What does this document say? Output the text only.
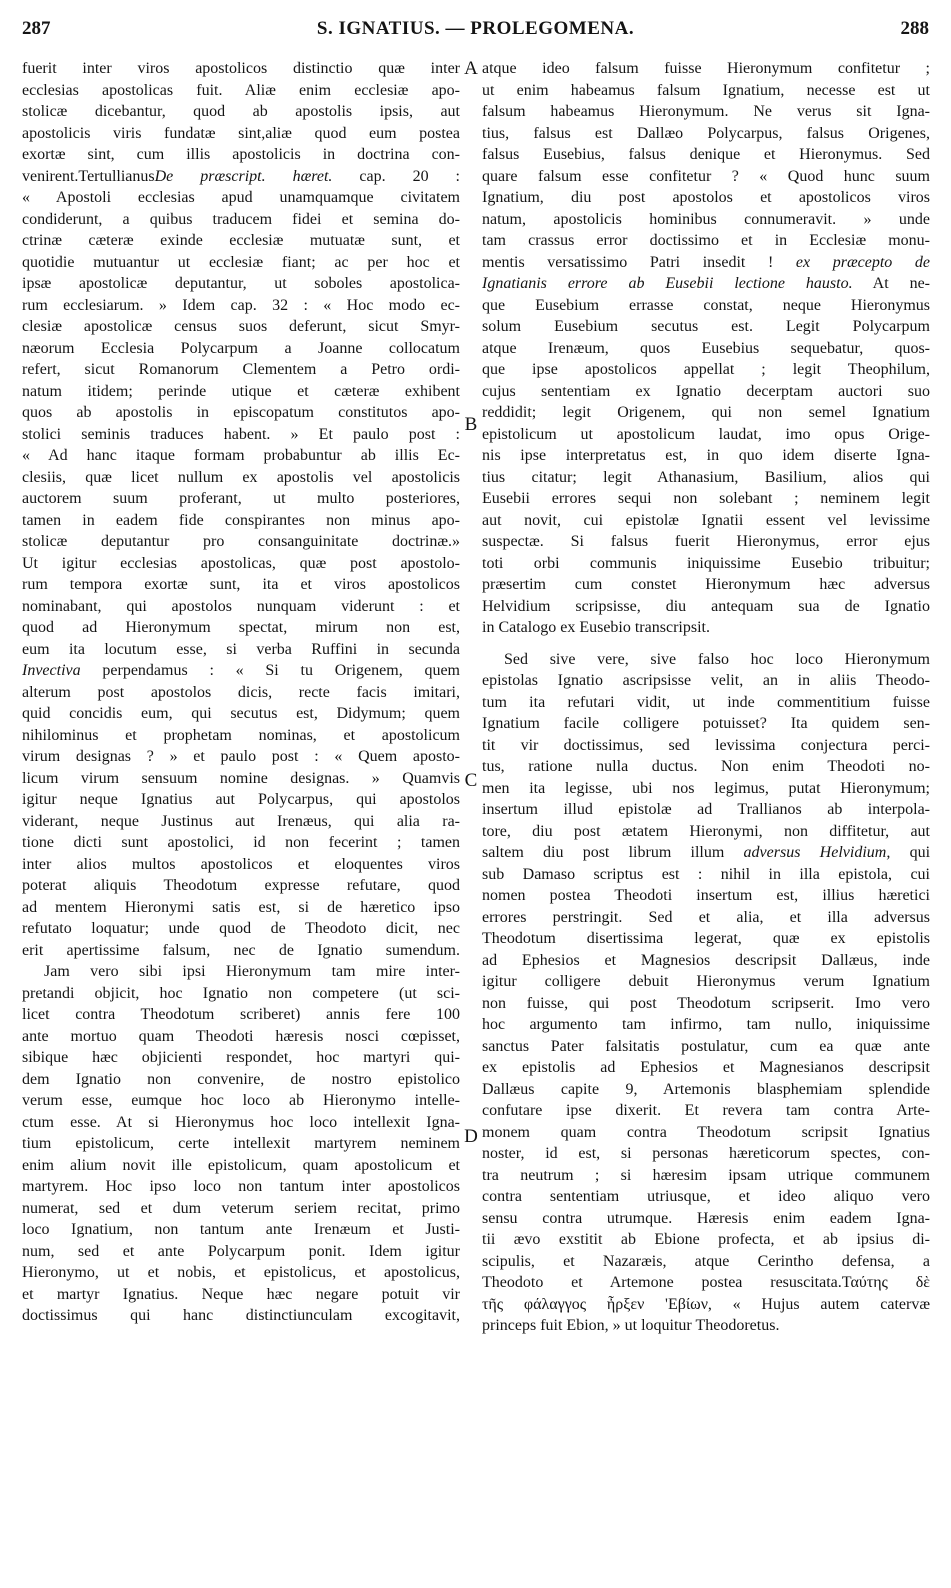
287	S. IGNATIUS. — PROLEGOMENA.	288
fuerit inter viros apostolicos distinctio quæ inter
ecclesias apostolicas fuit. Aliæ enim ecclesiæ apo-
stolicæ dicebantur, quod ab apostolis ipsis, aut
apostolicis viris fundatæ sint,aliæ quod eum postea
exortæ sint, cum illis apostolicis in doctrina con-
venirent.TertullianusDe præscript. hæret. cap. 20 :
« Apostoli ecclesias apud unamquamque civitatem
condiderunt, a quibus traducem fidei et semina do-
ctrinæ cæteræ exinde ecclesiæ mutuatæ sunt, et
quotidie mutuantur ut ecclesiæ fiant; ac per hoc et
ipsæ apostolicæ deputantur, ut soboles apostolica-
rum ecclesiarum. » Idem cap. 32 : « Hoc modo ec-
clesiæ apostolicæ census suos deferunt, sicut Smyr-
næorum Ecclesia Polycarpum a Joanne collocatum
refert, sicut Romanorum Clementem a Petro ordi-
natum itidem; perinde utique et cæteræ exhibent
quos ab apostolis in episcopatum constitutos apo-
stolici seminis traduces habent. » Et paulo post :
« Ad hanc itaque formam probabuntur ab illis Ec-
clesiis, quæ licet nullum ex apostolis vel apostolicis
auctorem suum proferant, ut multo posteriores,
tamen in eadem fide conspirantes non minus apo-
stolicæ deputantur pro consanguinitate doctrinæ.»
Ut igitur ecclesias apostolicas, quæ post apostolo-
rum tempora exortæ sunt, ita et viros apostolicos
nominabant, qui apostolos nunquam viderunt : et
quod ad Hieronymum spectat, mirum non est,
eum ita locutum esse, si verba Ruffini in secunda
Invectiva perpendamus : « Si tu Origenem, quem
alterum post apostolos dicis, recte facis imitari,
quid concidis eum, qui secutus est, Didymum; quem
nihilominus et prophetam nominas, et apostolicum
virum designas ? » et paulo post : « Quem aposto-
licum virum sensuum nomine designas. » Quamvis
igitur neque Ignatius aut Polycarpus, qui apostolos
viderant, neque Justinus aut Irenæus, qui alia ra-
tione dicti sunt apostolici, id non fecerint ; tamen
inter alios multos apostolicos et eloquentes viros
poterat aliquis Theodotum expresse refutare, quod
ad mentem Hieronymi satis est, si de hæretico ipso
refutato loquatur; unde quod de Theodoto dicit, nec
erit apertissime falsum, nec de Ignatio sumendum.
Jam vero sibi ipsi Hieronymum tam mire inter-
pretandi objicit, hoc Ignatio non competere (ut sci-
licet contra Theodotum scriberet) annis fere 100
ante mortuo quam Theodoti hæresis nosci cœpisset,
sibique hæc objicienti respondet, hoc martyri qui-
dem Ignatio non convenire, de nostro epistolico
verum esse, eumque hoc loco ab Hieronymo intelle-
ctum esse. At si Hieronymus hoc loco intellexit Igna-
tium epistolicum, certe intellexit martyrem neminem
enim alium novit ille epistolicum, quam apostolicum et
martyrem. Hoc ipso loco non tantum inter apostolicos
numerat, sed et dum veterum seriem recitat, primo
loco Ignatium, non tantum ante Irenæum et Justi-
num, sed et ante Polycarpum ponit. Idem igitur
Hieronymo, ut et nobis, et epistolicus, et apostolicus,
et martyr Ignatius. Neque hæc negare potuit vir
doctissimus qui hanc distinctiunculam excogitavit,
atque ideo falsum fuisse Hieronymum confitetur ;
ut enim habeamus falsum Ignatium, necesse est ut
falsum habeamus Hieronymum. Ne verus sit Igna-
tius, falsus est Dallæo Polycarpus, falsus Origenes,
falsus Eusebius, falsus denique et Hieronymus. Sed
quare falsum esse confitetur ? « Quod hunc suum
Ignatium, diu post apostolos et apostolicos viros
natum, apostolicis hominibus connumeravit. » unde
tam crassus error doctissimo et in Ecclesiæ monu-
mentis versatissimo Patri insedit ! ex præcepto de
Ignatianis errore ab Eusebii lectione hausto. At ne-
que Eusebium errasse constat, neque Hieronymus
solum Eusebium secutus est. Legit Polycarpum
atque Irenæum, quos Eusebius sequebatur, quos-
que ipse apostolicos appellat ; legit Theophilum,
cujus sententiam ex Ignatio decerptam auctori suo
reddidit; legit Origenem, qui non semel Ignatium
epistolicum ut apostolicum laudat, imo opus Orige-
nis ipse interpretatus est, in quo idem diserte Igna-
tius citatur; legit Athanasium, Basilium, alios qui
Eusebii errores sequi non solebant ; neminem legit
aut novit, cui epistolæ Ignatii essent vel levissime
suspectæ. Si falsus fuerit Hieronymus, error ejus
toti orbi communis iniquissime Eusebio tribuitur;
præsertim cum constet Hieronymum hæc adversus
Helvidium scripsisse, diu antequam sua de Ignatio
in Catalogo ex Eusebio transcripsit.
Sed sive vere, sive falso hoc loco Hieronymum
epistolas Ignatio ascripsisse velit, an in aliis Theodo-
tum ita refutari vidit, ut inde commentitium fuisse
Ignatium facile colligere potuisset? Ita quidem sen-
tit vir doctissimus, sed levissima conjectura perci-
tus, ratione nulla ductus. Non enim Theodoti no-
men ita legisse, ubi nos legimus, putat Hieronymum;
insertum illud epistolæ ad Trallianos ab interpola-
tore, diu post ætatem Hieronymi, non diffitetur, aut
saltem diu post librum illum adversus Helvidium, qui
sub Damaso scriptus est : nihil in illa epistola, cui
nomen postea Theodoti insertum est, illius hæretici
errores perstringit. Sed et alia, et illa adversus
Theodotum disertissima legerat, quæ ex epistolis
ad Ephesios et Magnesios descripsit Dallæus, inde
igitur colligere debuit Hieronymus verum Ignatium
non fuisse, qui post Theodotum scripserit. Imo vero
hoc argumento tam infirmo, tam nullo, iniquissime
sanctus Pater falsitatis postulatur, cum ea quæ ante
ex epistolis ad Ephesios et Magnesianos descripsit
Dallæus capite 9, Artemonis blasphemiam splendide
confutare ipse dixerit. Et revera tam contra Arte-
monem quam contra Theodotum scripsit Ignatius
noster, id est, si personas hæreticorum spectes, con-
tra neutrum ; si hæresim ipsam utrique communem
contra sententiam utriusque, et ideo aliquo vero
sensu contra utrumque. Hæresis enim eadem Igna-
tii ævo exstitit ab Ebione profecta, et ab ipsius di-
scipulis, et Nazaræis, atque Cerintho defensa, a
Theodoto et Artemone postea resuscitata.Ταύτης δὲ
τῆς φάλαγγος ἦρξεν 'Εβίων, « Hujus autem catervæ
princeps fuit Ebion, » ut loquitur Theodoretus.
A
B
C
D
